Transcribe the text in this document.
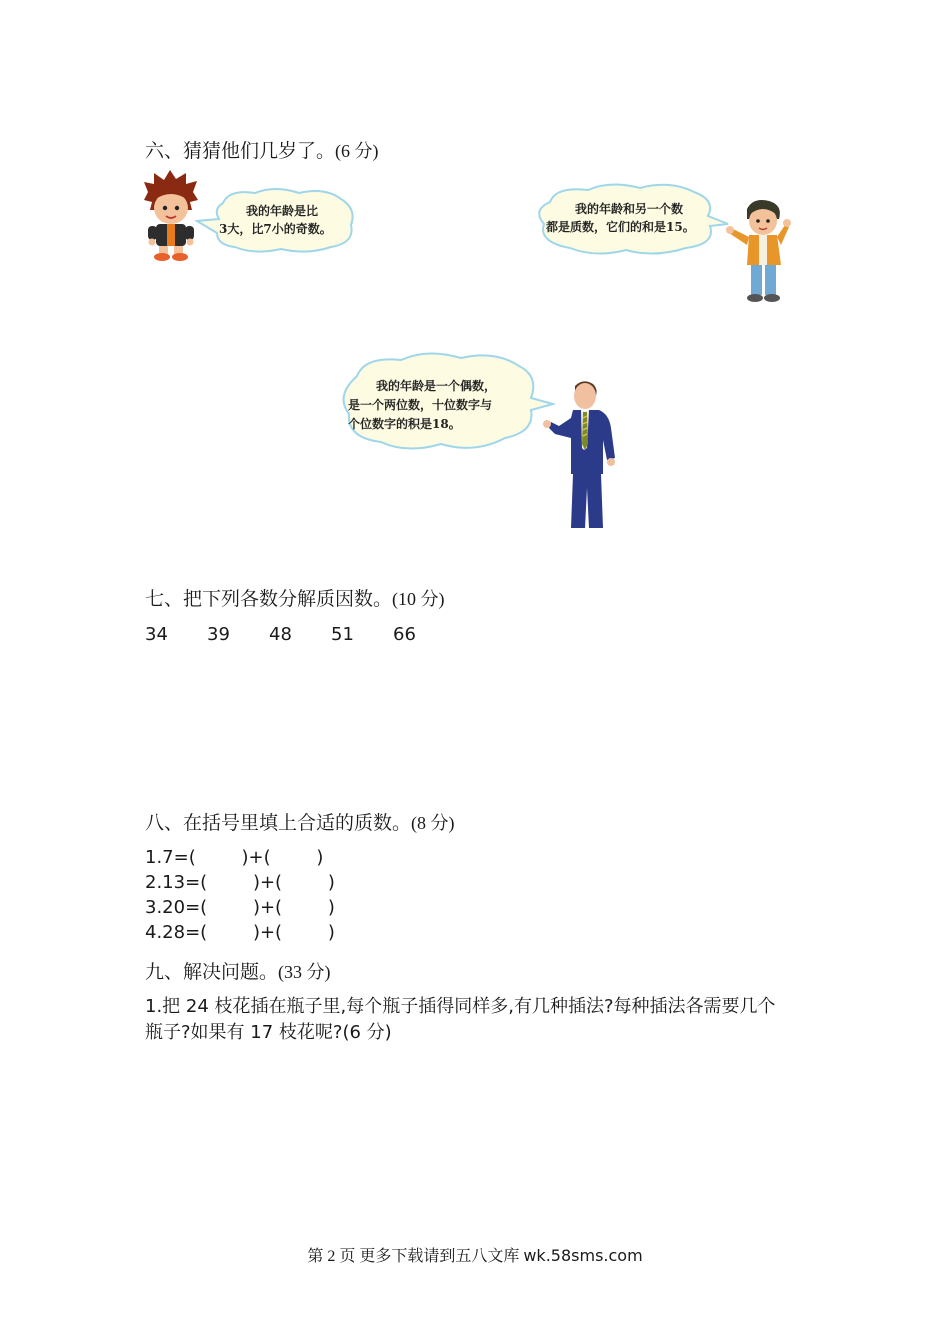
六、猜猜他们几岁了。(6 分)
我的年龄是比
3大，比7小的奇数。
我的年龄和另一个数
都是质数，它们的和是15。
我的年龄是一个偶数，
是一个两位数，十位数字与
个位数字的积是18。
七、把下列各数分解质因数。(10 分)
34 39 48 51 66
八、在括号里填上合适的质数。(8 分)
1.7=(        )+(        )
2.13=(        )+(        )
3.20=(        )+(        )
4.28=(        )+(        )
九、解决问题。(33 分)
1.把 24 枝花插在瓶子里,每个瓶子插得同样多,有几种插法?每种插法各需要几个
瓶子?如果有 17 枝花呢?(6 分)
第 2 页 更多下载请到五八文库 wk.58sms.com
